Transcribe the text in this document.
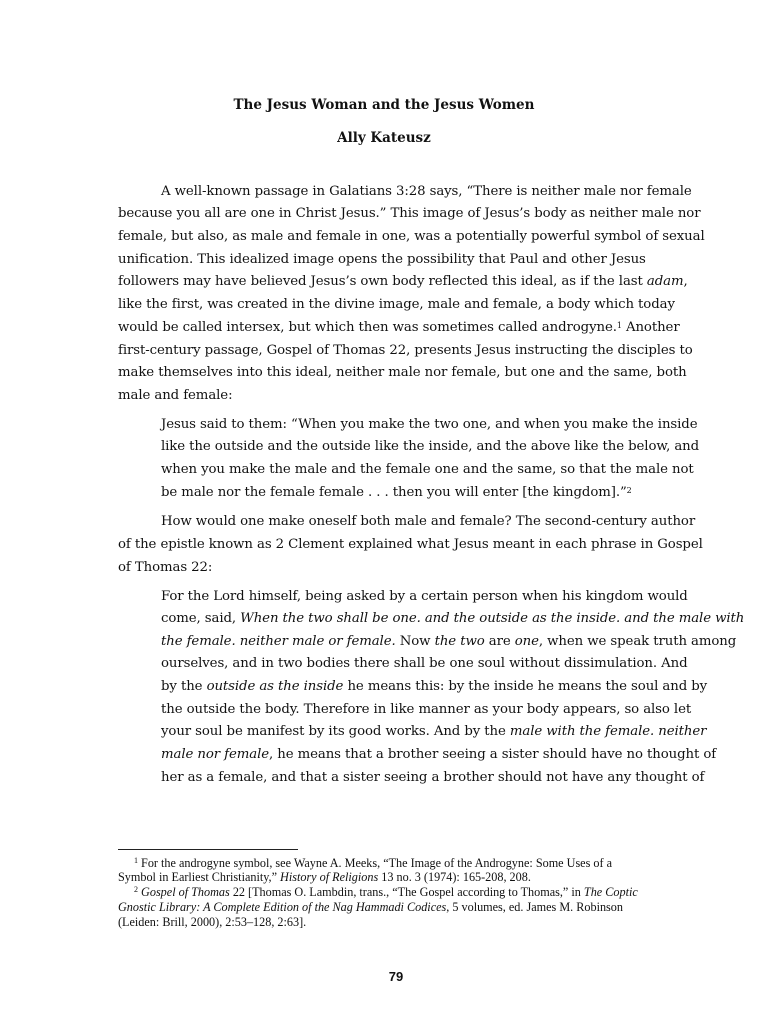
The Jesus Woman and the Jesus Women
Ally Kateusz
A well-known passage in Galatians 3:28 says, “There is neither male nor female
because you all are one in Christ Jesus.” This image of Jesus’s body as neither male nor
female, but also, as male and female in one, was a potentially powerful symbol of sexual
unification. This idealized image opens the possibility that Paul and other Jesus
followers may have believed Jesus’s own body reflected this ideal, as if the last adam,
like the first, was created in the divine image, male and female, a body which today
would be called intersex, but which then was sometimes called androgyne.$^1$ Another
first-century passage, Gospel of Thomas 22, presents Jesus instructing the disciples to
make themselves into this ideal, neither male nor female, but one and the same, both
male and female:
Jesus said to them: “When you make the two one, and when you make the inside
like the outside and the outside like the inside, and the above like the below, and
when you make the male and the female one and the same, so that the male not
be male nor the female female . . . then you will enter [the kingdom].”$^2$
How would one make oneself both male and female? The second-century author
of the epistle known as 2 Clement explained what Jesus meant in each phrase in Gospel
of Thomas 22:
For the Lord himself, being asked by a certain person when his kingdom would
come, said, When the two shall be one. and the outside as the inside. and the male with
the female. neither male or female. Now the two are one, when we speak truth among
ourselves, and in two bodies there shall be one soul without dissimulation. And
by the outside as the inside he means this: by the inside he means the soul and by
the outside the body. Therefore in like manner as your body appears, so also let
your soul be manifest by its good works. And by the male with the female. neither
male nor female, he means that a brother seeing a sister should have no thought of
her as a female, and that a sister seeing a brother should not have any thought of
$^1$ For the androgyne symbol, see Wayne A. Meeks, “The Image of the Androgyne: Some Uses of a
Symbol in Earliest Christianity,” History of Religions 13 no. 3 (1974): 165-208, 208.
$^2$ Gospel of Thomas 22 [Thomas O. Lambdin, trans., “The Gospel according to Thomas,” in The Coptic
Gnostic Library: A Complete Edition of the Nag Hammadi Codices, 5 volumes, ed. James M. Robinson
(Leiden: Brill, 2000), 2:53–128, 2:63].
79
